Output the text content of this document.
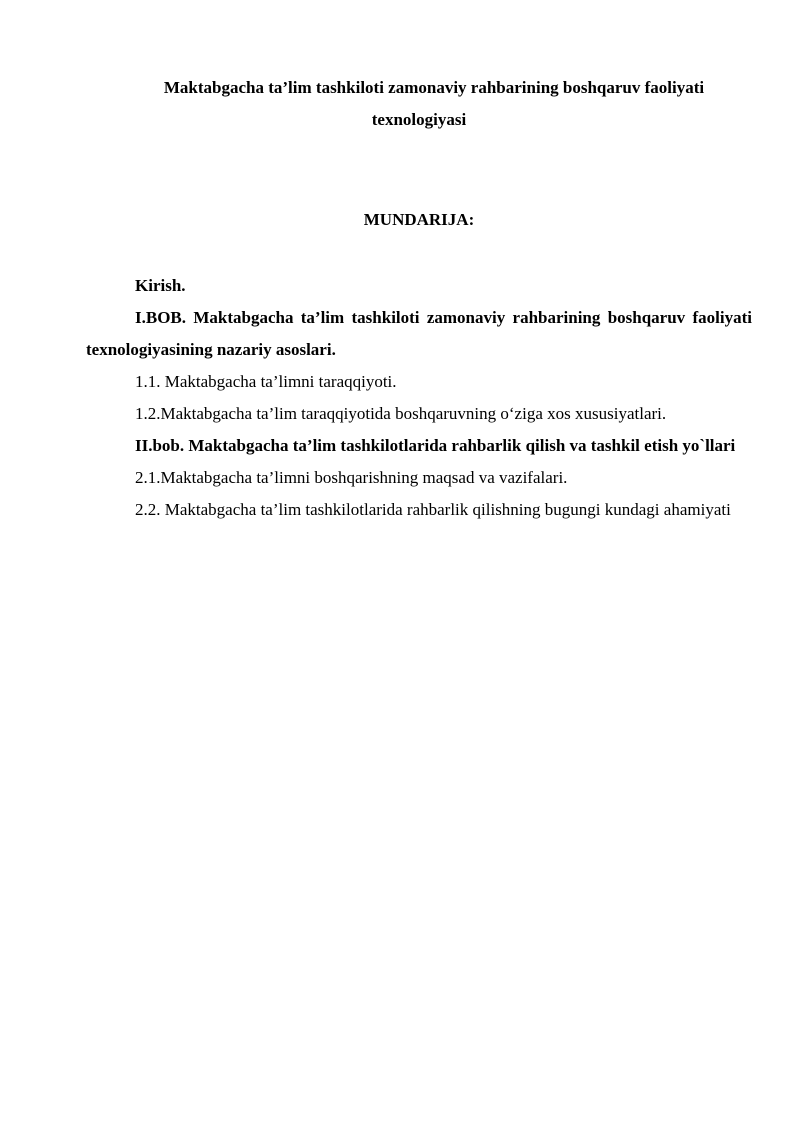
Maktabgacha ta’lim tashkiloti zamonaviy rahbarining boshqaruv faoliyati
texnologiyasi
MUNDARIJA:

Kirish.

I.BOB. Maktabgacha ta’lim tashkiloti zamonaviy rahbarining boshqaruv faoliyati texnologiyasining nazariy asoslari.

1.1. Maktabgacha ta’limni taraqqiyoti.

1.2.Maktabgacha ta’lim taraqqiyotida boshqaruvning o‘ziga xos xususiyatlari.

II.bob. Maktabgacha ta’lim tashkilotlarida rahbarlik qilish va tashkil etish yo`llari

2.1.Maktabgacha ta’limni boshqarishning maqsad va vazifalari.

2.2. Maktabgacha ta’lim tashkilotlarida rahbarlik qilishning bugungi kundagi ahamiyati
